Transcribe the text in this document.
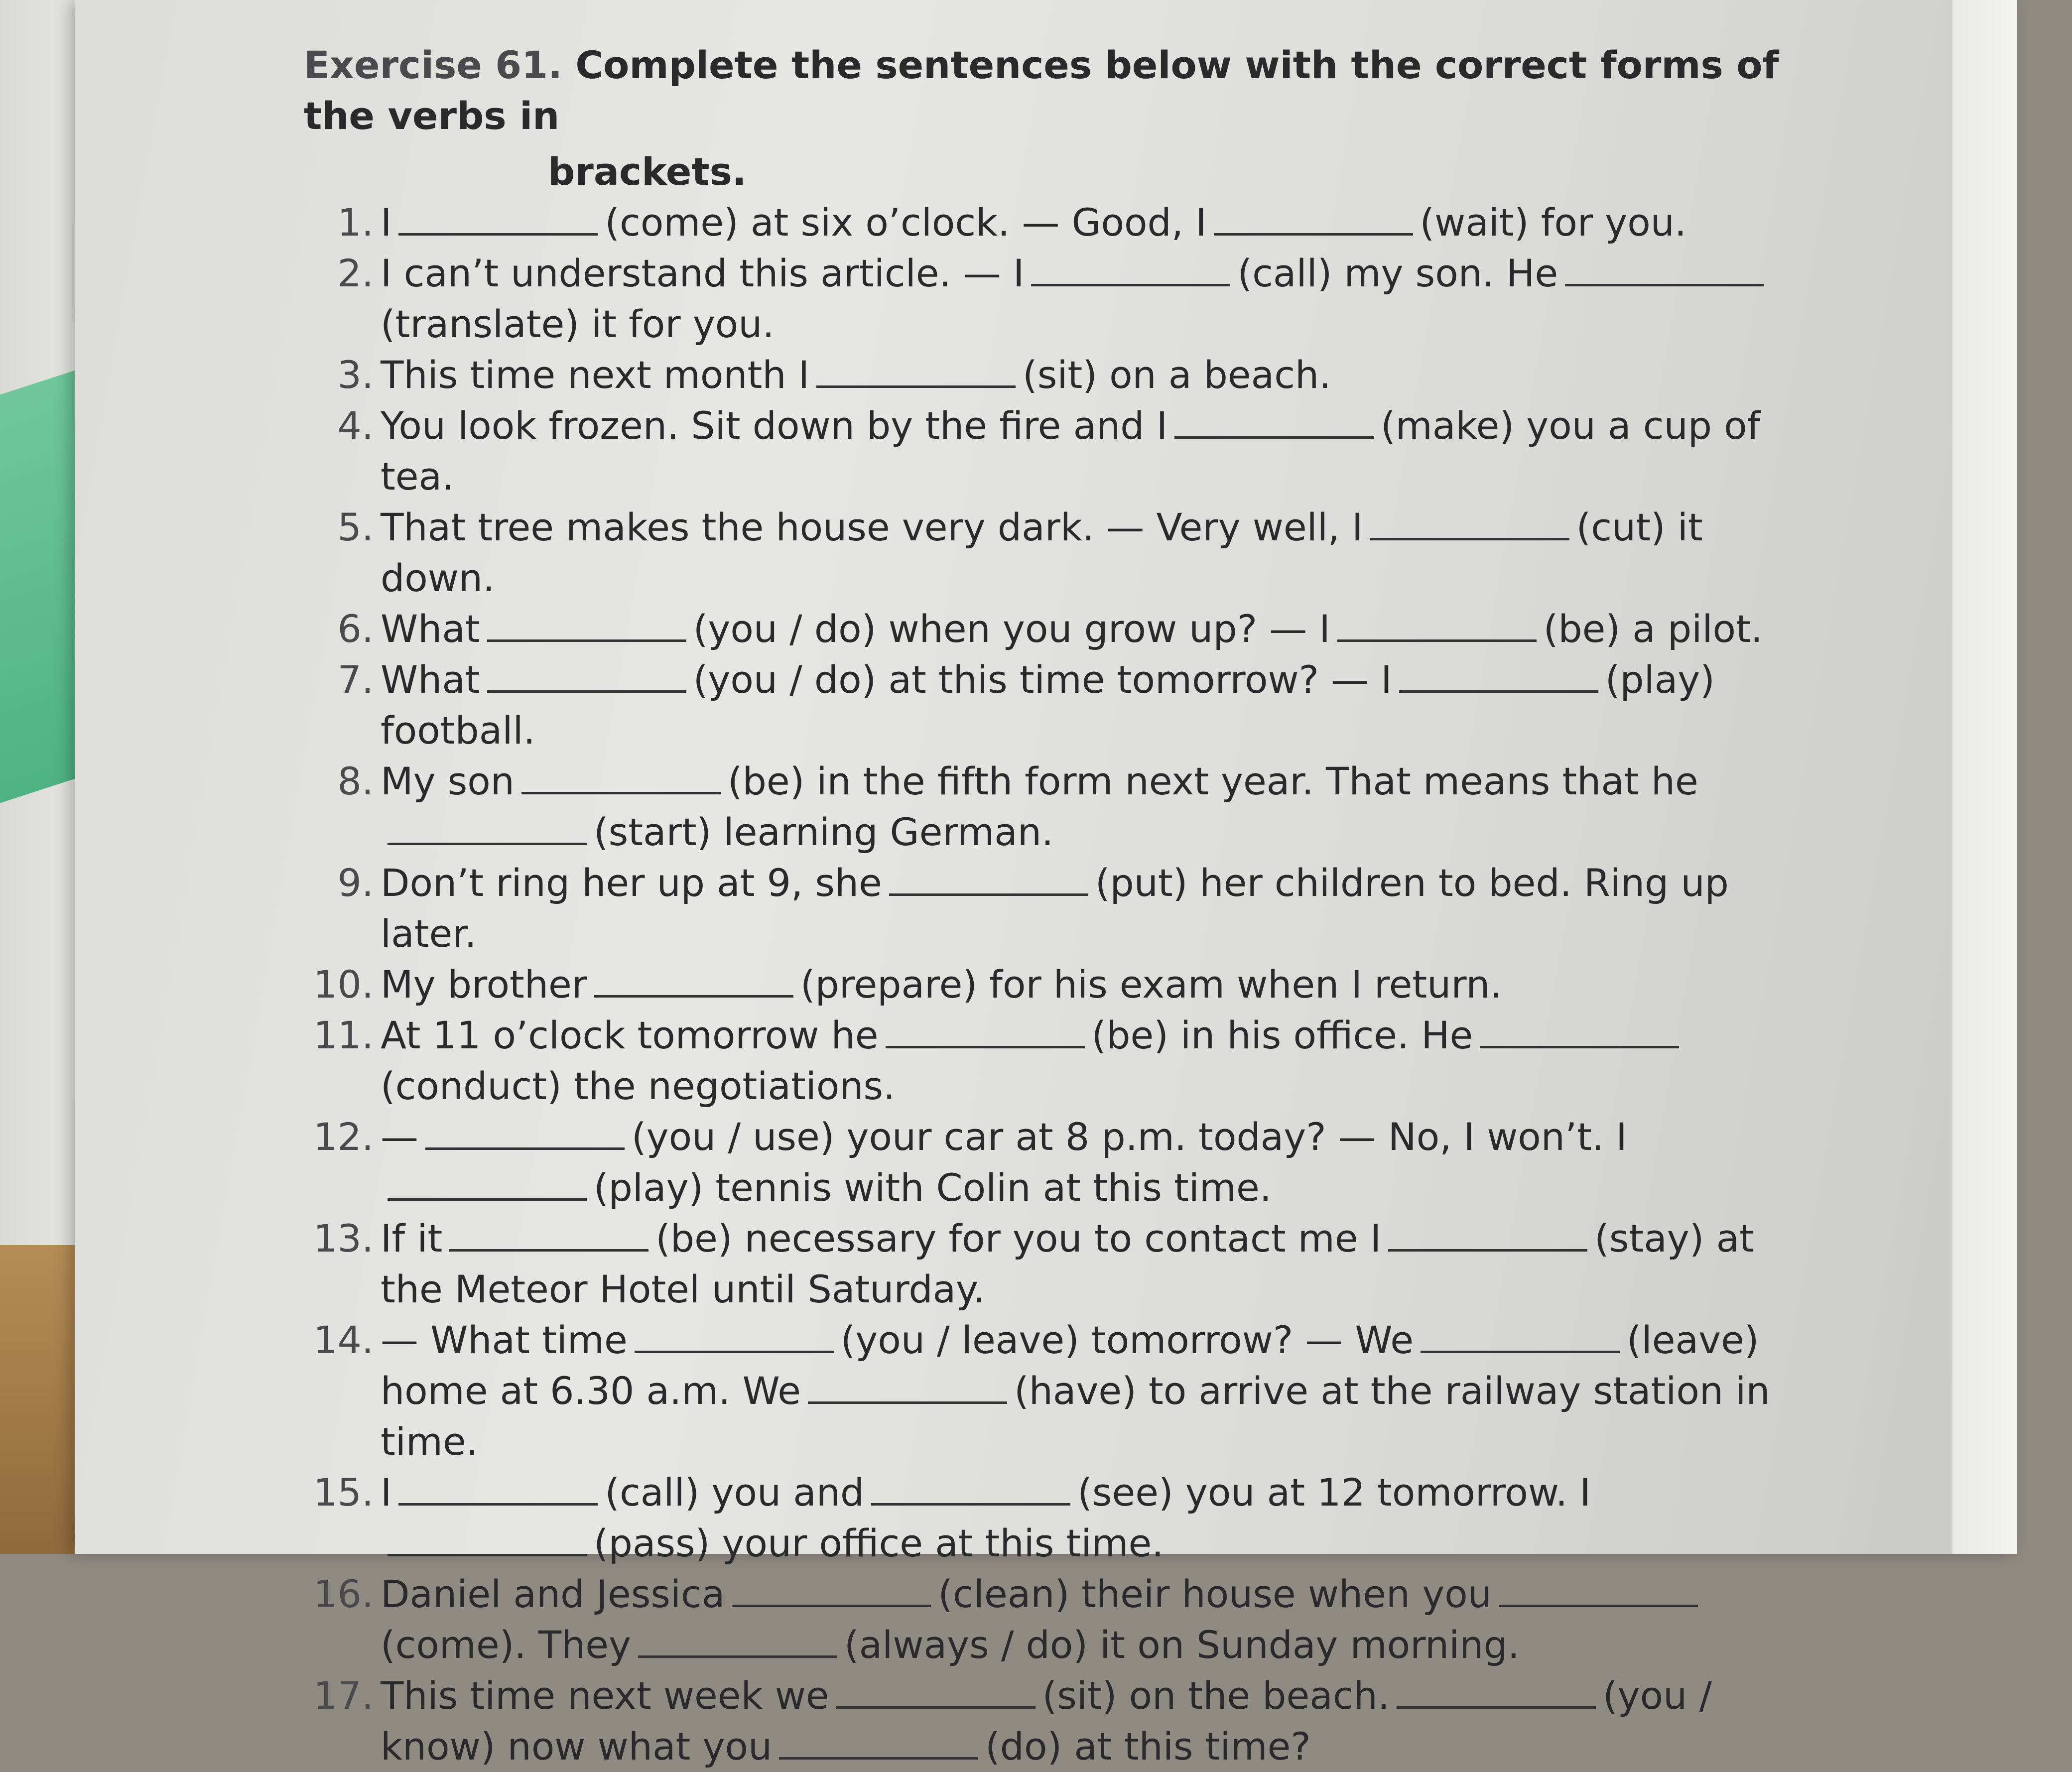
Exercise 61. Complete the sentences below with the correct forms of the verbs in
brackets.
1. I	(come) at six o’clock. — Good, I	(wait) for you.
2. I can’t understand this article. — I	(call) my son. He(translate) it for you.
3. This time next month I	(sit) on a beach.
4. You look frozen. Sit down by the fire and I	(make) you a cup of tea.
5. That tree makes the house very dark. — Very well, I	(cut) it down.
6. What	(you / do) when you grow up? — I	(be) a pilot.
7. What	(you / do) at this time tomorrow? — I	(play) football.
8. My son	(be) in the fifth form next year. That means that he(start) learning German.
9. Don’t ring her up at 9, she	(put) her children to bed. Ring up later.
10. My brother	(prepare) for his exam when I return.
11. At 11 o’clock tomorrow he	(be) in his office. He(conduct) the negotiations.
12. —	(you / use) your car at 8 p.m. today? — No, I won’t. I(play) tennis with Colin at this time.
13. If it	(be) necessary for you to contact me I	(stay) at the Meteor Hotel until Saturday.
14. — What time	(you / leave) tomorrow? — We	(leave) home at 6.30 a.m. We	(have) to arrive at the railway station in time.
15. I	(call) you and	(see) you at 12 tomorrow. I(pass) your office at this time.
16. Daniel and Jessica	(clean) their house when you(come). They	(always / do) it on Sunday morning.
17. This time next week we	(sit) on the beach.	(you / know) now what you	(do) at this time?
